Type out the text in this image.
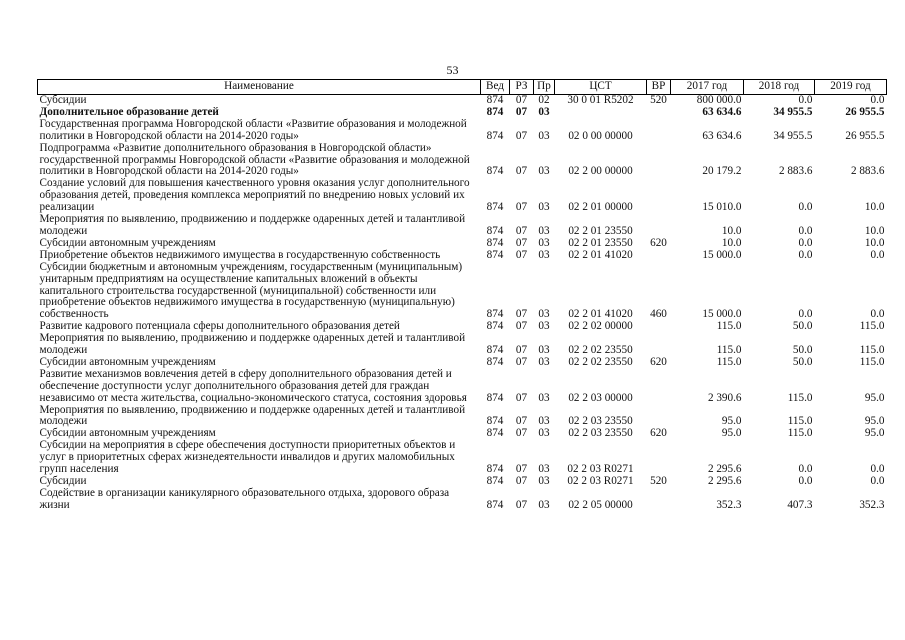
53
Наименование	Вед	РЗ	Пр	ЦСТ	ВР	2017 год	2018 год	2019 год
Субсидии	874	07	02	30 0 01 R5202	520	800 000.0	0.0	0.0
Дополнительное образование детей	874	07	03			63 634.6	34 955.5	26 955.5
Государственная программа Новгородской области «Развитие образования и молодежной политики в Новгородской области на 2014-2020 годы»	874	07	03	02 0 00 00000		63 634.6	34 955.5	26 955.5
Подпрограмма «Развитие дополнительного образования в Новгородской области» государственной программы Новгородской области «Развитие образования и молодежной политики в Новгородской области на 2014-2020 годы»	874	07	03	02 2 00 00000		20 179.2	2 883.6	2 883.6
Создание условий для повышения качественного уровня оказания услуг дополнительного образования детей, проведения комплекса мероприятий по внедрению новых условий их реализации	874	07	03	02 2 01 00000		15 010.0	0.0	10.0
Мероприятия по выявлению, продвижению и поддержке одаренных детей и талантливой молодежи	874	07	03	02 2 01 23550		10.0	0.0	10.0
Субсидии автономным учреждениям	874	07	03	02 2 01 23550	620	10.0	0.0	10.0
Приобретение объектов недвижимого имущества в государственную собственность	874	07	03	02 2 01 41020		15 000.0	0.0	0.0
Субсидии бюджетным и автономным учреждениям, государственным (муниципальным) унитарным предприятиям на осуществление капитальных вложений в объекты капитального строительства государственной (муниципальной) собственности или приобретение объектов недвижимого имущества в государственную (муниципальную) собственность	874	07	03	02 2 01 41020	460	15 000.0	0.0	0.0
Развитие кадрового потенциала сферы дополнительного образования детей	874	07	03	02 2 02 00000		115.0	50.0	115.0
Мероприятия по выявлению, продвижению и поддержке одаренных детей и талантливой молодежи	874	07	03	02 2 02 23550		115.0	50.0	115.0
Субсидии автономным учреждениям	874	07	03	02 2 02 23550	620	115.0	50.0	115.0
Развитие механизмов вовлечения детей в сферу дополнительного образования детей и обеспечение доступности услуг дополнительного образования детей для граждан независимо от места жительства, социально-экономического статуса, состояния здоровья	874	07	03	02 2 03 00000		2 390.6	115.0	95.0
Мероприятия по выявлению, продвижению и поддержке одаренных детей и талантливой молодежи	874	07	03	02 2 03 23550		95.0	115.0	95.0
Субсидии автономным учреждениям	874	07	03	02 2 03 23550	620	95.0	115.0	95.0
Субсидии на мероприятия в сфере обеспечения доступности приоритетных объектов и услуг в приоритетных сферах жизнедеятельности инвалидов и других маломобильных групп населения	874	07	03	02 2 03 R0271		2 295.6	0.0	0.0
Субсидии	874	07	03	02 2 03 R0271	520	2 295.6	0.0	0.0
Содействие в организации каникулярного образовательного отдыха, здорового образа жизни	874	07	03	02 2 05 00000		352.3	407.3	352.3
